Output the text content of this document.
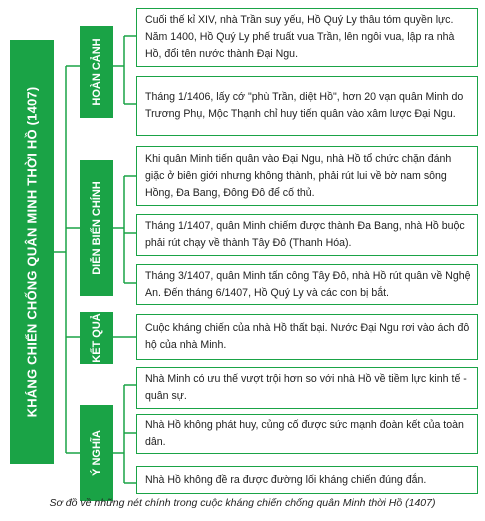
KHÁNG CHIẾN CHỐNG QUÂN MINH THỜI HỒ (1407)
HOÀN CẢNH
DIỄN BIẾN CHÍNH
KẾT QUẢ
Ý NGHĨA
Cuối thế kỉ XIV, nhà Trần suy yếu, Hồ Quý Ly thâu tóm quyền lực. Năm 1400, Hồ Quý Ly phế truất vua Trần, lên ngôi vua, lập ra nhà Hồ, đổi tên nước thành Đại Ngu.
Tháng 1/1406, lấy cớ "phù Trần, diệt Hồ", hơn 20 vạn quân Minh do Trương Phụ, Mộc Thạnh chỉ huy tiến quân vào xâm lược Đại Ngu.
Khi quân Minh tiến quân vào Đại Ngu, nhà Hồ tổ chức chặn đánh giặc ở biên giới nhưng không thành, phải rút lui về bờ nam sông Hồng, Đa Bang, Đông Đô để cố thủ.
Tháng 1/1407, quân Minh chiếm được thành Đa Bang, nhà Hồ buộc phải rút chạy về thành Tây Đô (Thanh Hóa).
Tháng 3/1407, quân Minh tấn công Tây Đô, nhà Hồ rút quân về Nghệ An. Đến tháng 6/1407, Hồ Quý Ly và các con bị bắt.
Cuộc kháng chiến của nhà Hồ thất bại. Nước Đại Ngu rơi vào ách đô hộ của nhà Minh.
Nhà Minh có ưu thế vượt trội hơn so với nhà Hồ về tiềm lực kinh tế - quân sự.
Nhà Hồ không phát huy, củng cố được sức mạnh đoàn kết của toàn dân.
Nhà Hồ không đề ra được đường lối kháng chiến đúng đắn.
Sơ đồ về những nét chính trong cuộc kháng chiến chống quân Minh thời Hồ (1407)
